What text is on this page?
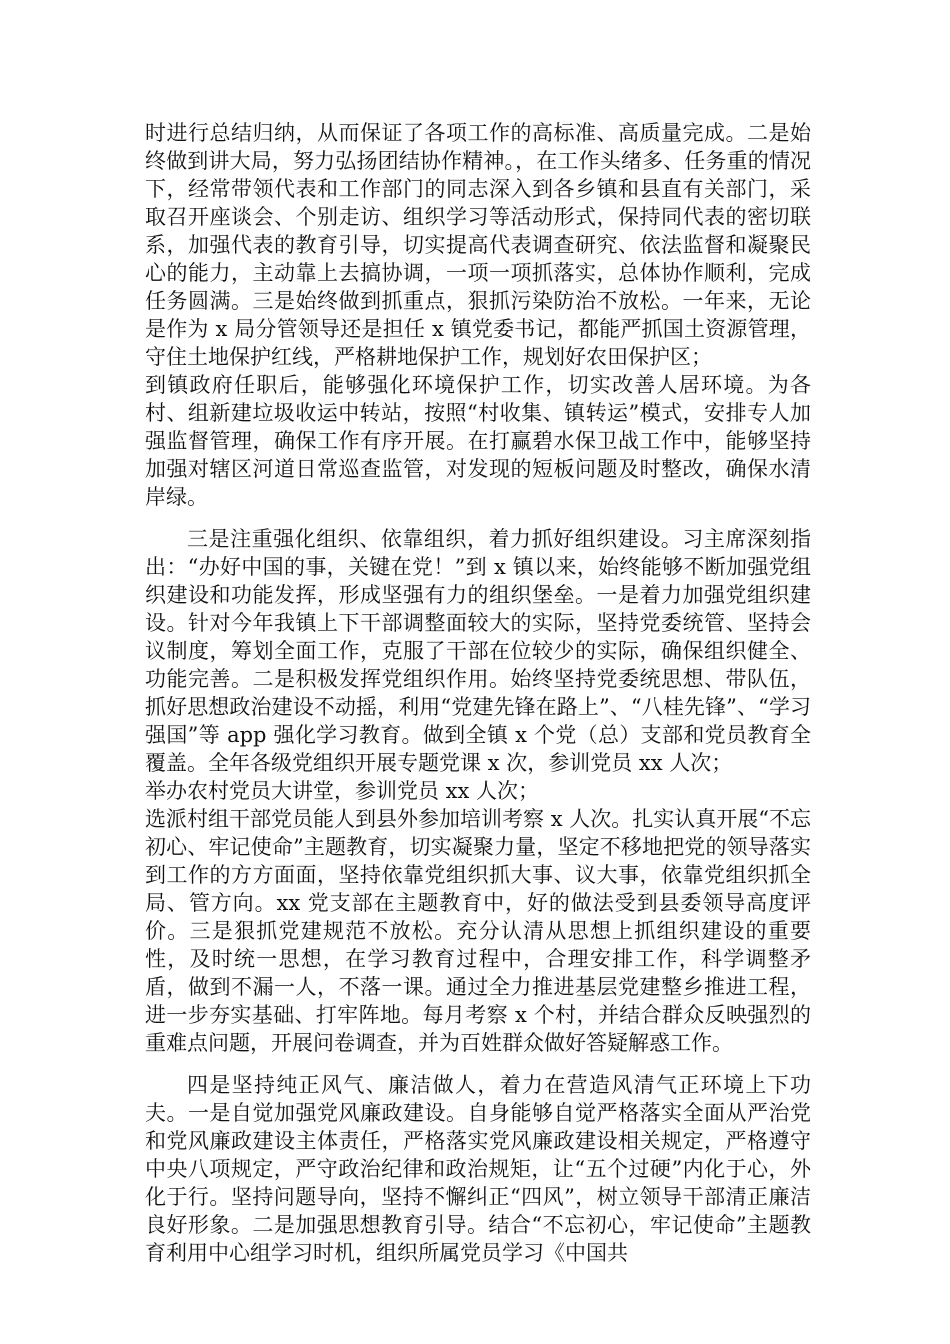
时进行总结归纳，从而保证了各项工作的高标准、高质量完成。二是始终做到讲大局，努力弘扬团结协作精神。，在工作头绪多、任务重的情况下，经常带领代表和工作部门的同志深入到各乡镇和县直有关部门，采取召开座谈会、个别走访、组织学习等活动形式，保持同代表的密切联系，加强代表的教育引导，切实提高代表调查研究、依法监督和凝聚民心的能力，主动靠上去搞协调，一项一项抓落实，总体协作顺利，完成任务圆满。三是始终做到抓重点，狠抓污染防治不放松。一年来，无论是作为 x 局分管领导还是担任 x 镇党委书记，都能严抓国土资源管理，守住土地保护红线，严格耕地保护工作，规划好农田保护区；

到镇政府任职后，能够强化环境保护工作，切实改善人居环境。为各村、组新建垃圾收运中转站，按照“村收集、镇转运”模式，安排专人加强监督管理，确保工作有序开展。在打赢碧水保卫战工作中，能够坚持加强对辖区河道日常巡查监管，对发现的短板问题及时整改，确保水清岸绿。

三是注重强化组织、依靠组织，着力抓好组织建设。习主席深刻指出：“办好中国的事，关键在党！”到 x 镇以来，始终能够不断加强党组织建设和功能发挥，形成坚强有力的组织堡垒。一是着力加强党组织建设。针对今年我镇上下干部调整面较大的实际，坚持党委统管、坚持会议制度，筹划全面工作，克服了干部在位较少的实际，确保组织健全、功能完善。二是积极发挥党组织作用。始终坚持党委统思想、带队伍，抓好思想政治建设不动摇，利用“党建先锋在路上”、“八桂先锋”、“学习强国”等 app 强化学习教育。做到全镇 x 个党（总）支部和党员教育全覆盖。全年各级党组织开展专题党课 x 次，参训党员 xx 人次；

举办农村党员大讲堂，参训党员 xx 人次；

选派村组干部党员能人到县外参加培训考察 x 人次。扎实认真开展“不忘初心、牢记使命”主题教育，切实凝聚力量，坚定不移地把党的领导落实到工作的方方面面，坚持依靠党组织抓大事、议大事，依靠党组织抓全局、管方向。xx 党支部在主题教育中，好的做法受到县委领导高度评价。三是狠抓党建规范不放松。充分认清从思想上抓组织建设的重要性，及时统一思想，在学习教育过程中，合理安排工作，科学调整矛盾，做到不漏一人，不落一课。通过全力推进基层党建整乡推进工程，进一步夯实基础、打牢阵地。每月考察 x 个村，并结合群众反映强烈的重难点问题，开展问卷调查，并为百姓群众做好答疑解惑工作。

四是坚持纯正风气、廉洁做人，着力在营造风清气正环境上下功夫。一是自觉加强党风廉政建设。自身能够自觉严格落实全面从严治党和党风廉政建设主体责任，严格落实党风廉政建设相关规定，严格遵守中央八项规定，严守政治纪律和政治规矩，让“五个过硬”内化于心，外化于行。坚持问题导向，坚持不懈纠正“四风”，树立领导干部清正廉洁良好形象。二是加强思想教育引导。结合“不忘初心，牢记使命”主题教育利用中心组学习时机，组织所属党员学习《中国共
